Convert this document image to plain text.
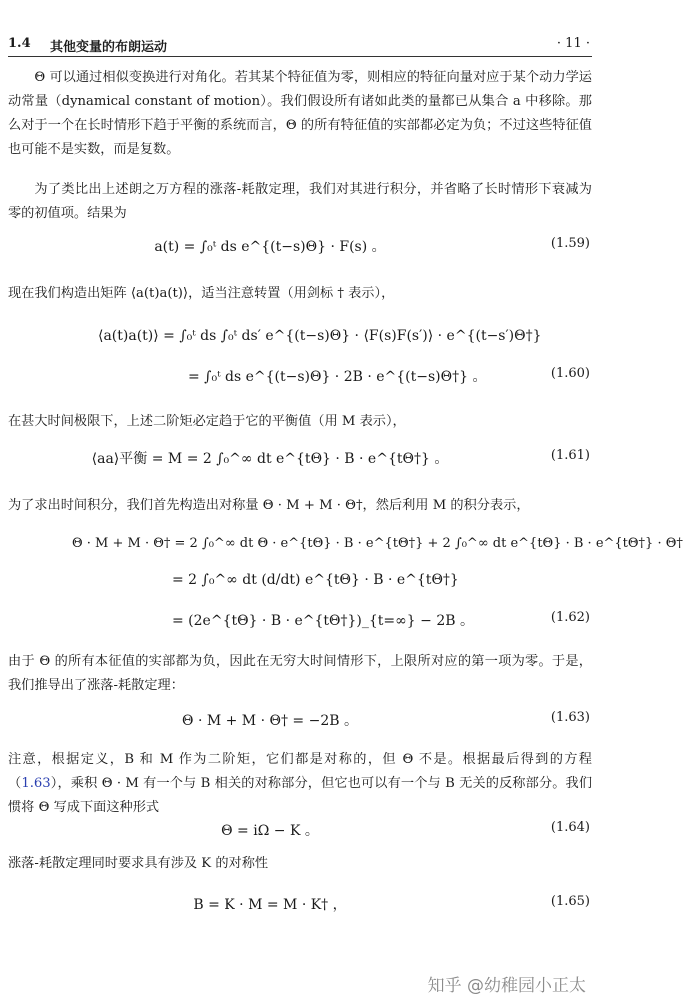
1.4 其他变量的布朗运动	· 11 ·

Θ 可以通过相似变换进行对角化。若其某个特征值为零，则相应的特征向量对应于某个动力学运动常量（dynamical constant of motion）。我们假设所有诸如此类的量都已从集合 a 中移除。那么对于一个在长时情形下趋于平衡的系统而言，Θ 的所有特征值的实部都必定为负；不过这些特征值也可能不是实数，而是复数。

为了类比出上述朗之万方程的涨落-耗散定理，我们对其进行积分，并省略了长时情形下衰减为零的初值项。结果为

a(t) = ∫₀ᵗ ds e^{(t−s)Θ} · F(s) 。	(1.59)

现在我们构造出矩阵 ⟨a(t)a(t)⟩，适当注意转置（用剑标 † 表示），

⟨a(t)a(t)⟩ = ∫₀ᵗ ds ∫₀ᵗ ds′ e^{(t−s)Θ} · ⟨F(s)F(s′)⟩ · e^{(t−s′)Θ†}
= ∫₀ᵗ ds e^{(t−s)Θ} · 2B · e^{(t−s)Θ†} 。	(1.60)

在甚大时间极限下，上述二阶矩必定趋于它的平衡值（用 M 表示），

⟨aa⟩平衡 = M = 2 ∫₀^∞ dt e^{tΘ} · B · e^{tΘ†} 。	(1.61)

为了求出时间积分，我们首先构造出对称量 Θ · M + M · Θ†，然后利用 M 的积分表示，

Θ · M + M · Θ† = 2 ∫₀^∞ dt Θ · e^{tΘ} · B · e^{tΘ†} + 2 ∫₀^∞ dt e^{tΘ} · B · e^{tΘ†} · Θ†
= 2 ∫₀^∞ dt (d/dt) e^{tΘ} · B · e^{tΘ†}
= (2e^{tΘ} · B · e^{tΘ†})_{t=∞} − 2B 。	(1.62)

由于 Θ 的所有本征值的实部都为负，因此在无穷大时间情形下，上限所对应的第一项为零。于是，我们推导出了涨落-耗散定理：

Θ · M + M · Θ† = −2B 。	(1.63)

注意，根据定义，B 和 M 作为二阶矩，它们都是对称的，但 Θ 不是。根据最后得到的方程（1.63），乘积 Θ · M 有一个与 B 相关的对称部分，但它也可以有一个与 B 无关的反称部分。我们惯将 Θ 写成下面这种形式

Θ = iΩ − K 。	(1.64)

涨落-耗散定理同时要求具有涉及 K 的对称性

B = K · M = M · K† ，	(1.65)
知乎 @幼稚园小正太
